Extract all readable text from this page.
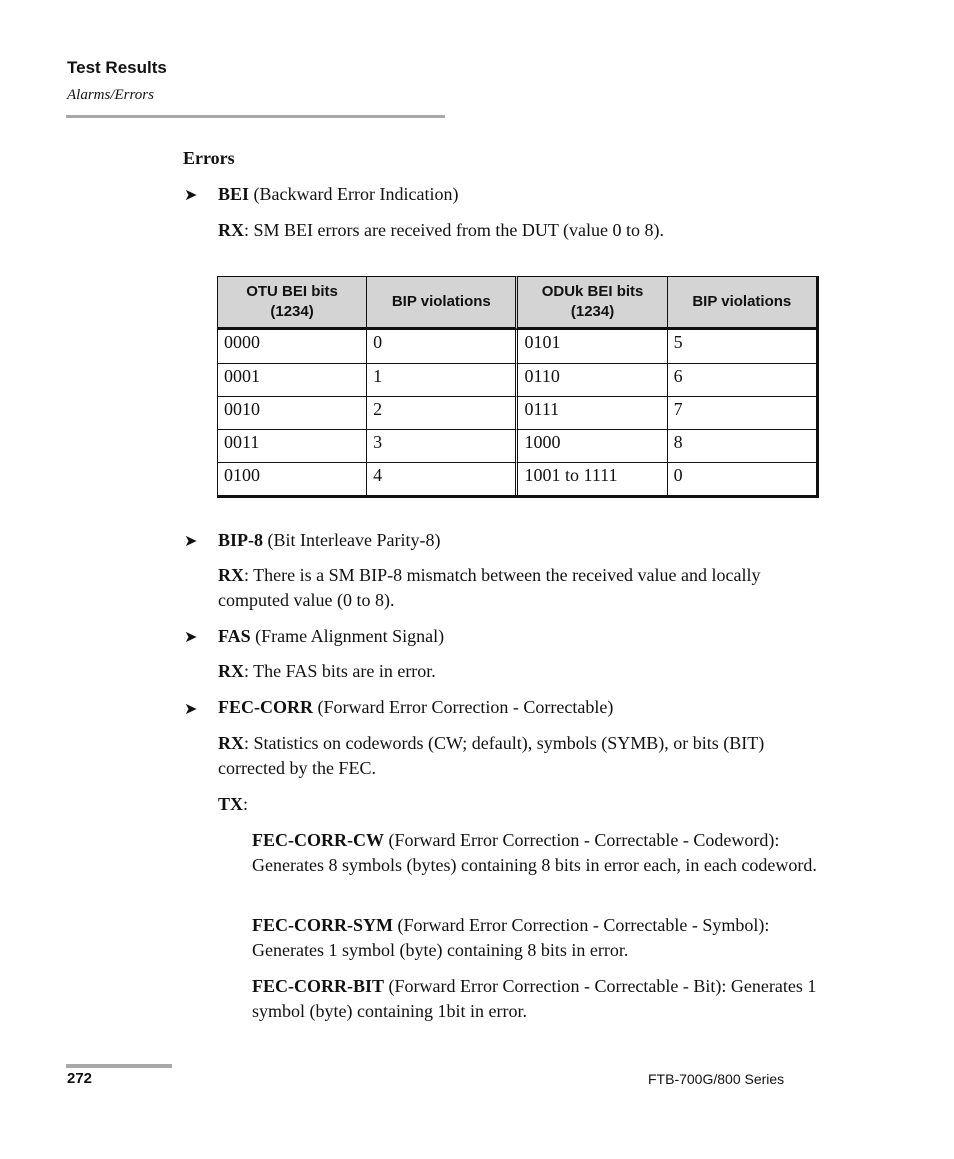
Test Results
Alarms/Errors
Errors
➤ BEI (Backward Error Indication)
RX: SM BEI errors are received from the DUT (value 0 to 8).
OTU BEI bits (1234)	BIP violations	ODUk BEI bits (1234)	BIP violations
0000	0	0101	5
0001	1	0110	6
0010	2	0111	7
0011	3	1000	8
0100	4	1001 to 1111	0
➤ BIP-8 (Bit Interleave Parity-8)
RX: There is a SM BIP-8 mismatch between the received value and locally computed value (0 to 8).
➤ FAS (Frame Alignment Signal)
RX: The FAS bits are in error.
➤ FEC-CORR (Forward Error Correction - Correctable)
RX: Statistics on codewords (CW; default), symbols (SYMB), or bits (BIT) corrected by the FEC.
TX:
FEC-CORR-CW (Forward Error Correction - Correctable - Codeword): Generates 8 symbols (bytes) containing 8 bits in error each, in each codeword.
FEC-CORR-SYM (Forward Error Correction - Correctable - Symbol): Generates 1 symbol (byte) containing 8 bits in error.
FEC-CORR-BIT (Forward Error Correction - Correctable - Bit): Generates 1 symbol (byte) containing 1bit in error.
272	FTB-700G/800 Series
